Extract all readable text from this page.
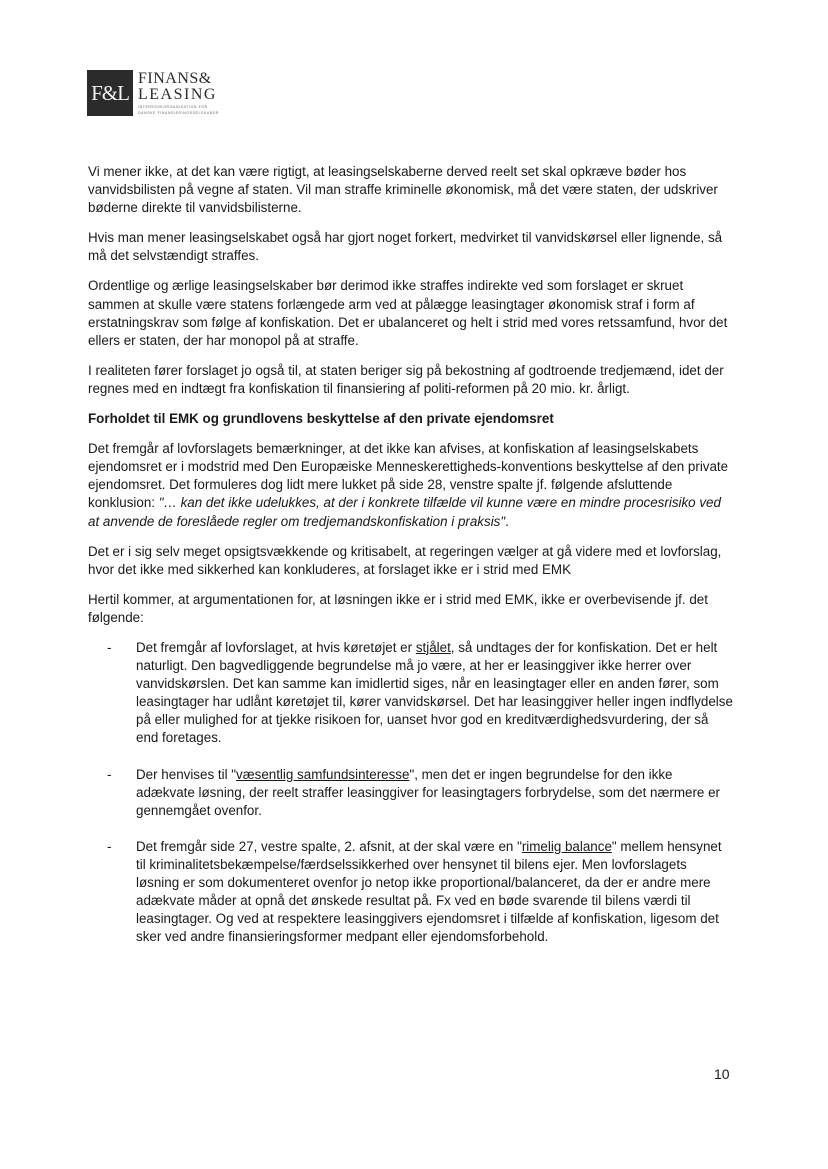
F&L
FINANS&
LEASING
INTERESSEORGANISATION FOR
DANSKE FINANSIERINGSSELSKABER

Vi mener ikke, at det kan være rigtigt, at leasingselskaberne derved reelt set skal opkræve bøder hos vanvidsbilisten på vegne af staten. Vil man straffe kriminelle økonomisk, må det være staten, der udskriver bøderne direkte til vanvidsbilisterne.

Hvis man mener leasingselskabet også har gjort noget forkert, medvirket til vanvidskørsel eller lignende, så må det selvstændigt straffes.

Ordentlige og ærlige leasingselskaber bør derimod ikke straffes indirekte ved som forslaget er skruet sammen at skulle være statens forlængede arm ved at pålægge leasingtager økonomisk straf i form af erstatningskrav som følge af konfiskation. Det er ubalanceret og helt i strid med vores retssamfund, hvor det ellers er staten, der har monopol på at straffe.

I realiteten fører forslaget jo også til, at staten beriger sig på bekostning af godtroende tredjemænd, idet der regnes med en indtægt fra konfiskation til finansiering af politi-reformen på 20 mio. kr. årligt.

Forholdet til EMK og grundlovens beskyttelse af den private ejendomsret

Det fremgår af lovforslagets bemærkninger, at det ikke kan afvises, at konfiskation af leasingselskabets ejendomsret er i modstrid med Den Europæiske Menneskerettigheds-konventions beskyttelse af den private ejendomsret. Det formuleres dog lidt mere lukket på side 28, venstre spalte jf. følgende afsluttende konklusion: "… kan det ikke udelukkes, at der i konkrete tilfælde vil kunne være en mindre procesrisiko ved at anvende de foreslåede regler om tredjemandskonfiskation i praksis".

Det er i sig selv meget opsigtsvækkende og kritisabelt, at regeringen vælger at gå videre med et lovforslag, hvor det ikke med sikkerhed kan konkluderes, at forslaget ikke er i strid med EMK

Hertil kommer, at argumentationen for, at løsningen ikke er i strid med EMK, ikke er overbevisende jf. det følgende:

- Det fremgår af lovforslaget, at hvis køretøjet er stjålet, så undtages der for konfiskation. Det er helt naturligt. Den bagvedliggende begrundelse må jo være, at her er leasinggiver ikke herrer over vanvidskørslen. Det kan samme kan imidlertid siges, når en leasingtager eller en anden fører, som leasingtager har udlånt køretøjet til, kører vanvidskørsel. Det har leasinggiver heller ingen indflydelse på eller mulighed for at tjekke risikoen for, uanset hvor god en kreditværdighedsvurdering, der så end foretages.
- Der henvises til "væsentlig samfundsinteresse", men det er ingen begrundelse for den ikke adækvate løsning, der reelt straffer leasinggiver for leasingtagers forbrydelse, som det nærmere er gennemgået ovenfor.
- Det fremgår side 27, vestre spalte, 2. afsnit, at der skal være en "rimelig balance" mellem hensynet til kriminalitetsbekæmpelse/færdselssikkerhed over hensynet til bilens ejer. Men lovforslagets løsning er som dokumenteret ovenfor jo netop ikke proportional/balanceret, da der er andre mere adækvate måder at opnå det ønskede resultat på. Fx ved en bøde svarende til bilens værdi til leasingtager. Og ved at respektere leasinggivers ejendomsret i tilfælde af konfiskation, ligesom det sker ved andre finansieringsformer medpant eller ejendomsforbehold.
10
